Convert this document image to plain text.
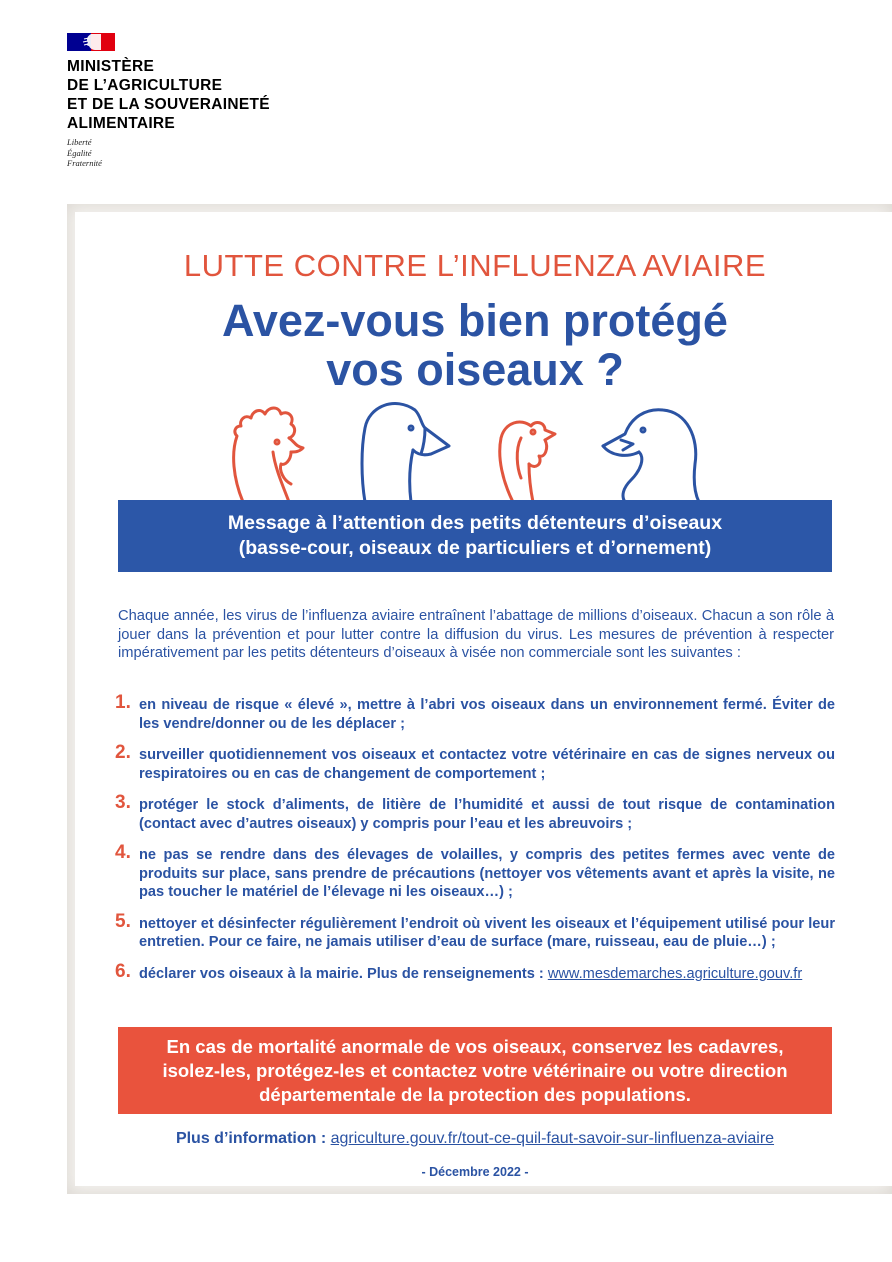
MINISTÈRE
DE L’AGRICULTURE
ET DE LA SOUVERAINETÉ
ALIMENTAIRE
Liberté
Égalité
Fraternité
LUTTE CONTRE L’INFLUENZA AVIAIRE
Avez-vous bien protégé
vos oiseaux ?
Message à l’attention des petits détenteurs d’oiseaux
(basse-cour, oiseaux de particuliers et d’ornement)
Chaque année, les virus de l’influenza aviaire entraînent l’abattage de millions d’oiseaux. Chacun a son rôle à jouer dans la prévention et pour lutter contre la diffusion du virus. Les mesures de prévention à respecter impérativement par les petits détenteurs d’oiseaux à visée non commerciale sont les suivantes :
1. en niveau de risque « élevé », mettre à l’abri vos oiseaux dans un environnement fermé. Éviter de les vendre/donner ou de les déplacer ;
2. surveiller quotidiennement vos oiseaux et contactez votre vétérinaire en cas de signes nerveux ou respiratoires ou en cas de changement de comportement ;
3. protéger le stock d’aliments, de litière de l’humidité et aussi de tout risque de contamination (contact avec d’autres oiseaux) y compris pour l’eau et les abreuvoirs ;
4. ne pas se rendre dans des élevages de volailles, y compris des petites fermes avec vente de produits sur place, sans prendre de précautions (nettoyer vos vêtements avant et après la visite, ne pas toucher le matériel de l’élevage ni les oiseaux…) ;
5. nettoyer et désinfecter régulièrement l’endroit où vivent les oiseaux et l’équipement utilisé pour leur entretien. Pour ce faire, ne jamais utiliser d’eau de surface (mare, ruisseau, eau de pluie…) ;
6. déclarer vos oiseaux à la mairie. Plus de renseignements : www.mesdemarches.agriculture.gouv.fr
En cas de mortalité anormale de vos oiseaux, conservez les cadavres,
isolez-les, protégez-les et contactez votre vétérinaire ou votre direction
départementale de la protection des populations.
Plus d’information : agriculture.gouv.fr/tout-ce-quil-faut-savoir-sur-linfluenza-aviaire
- Décembre 2022 -
